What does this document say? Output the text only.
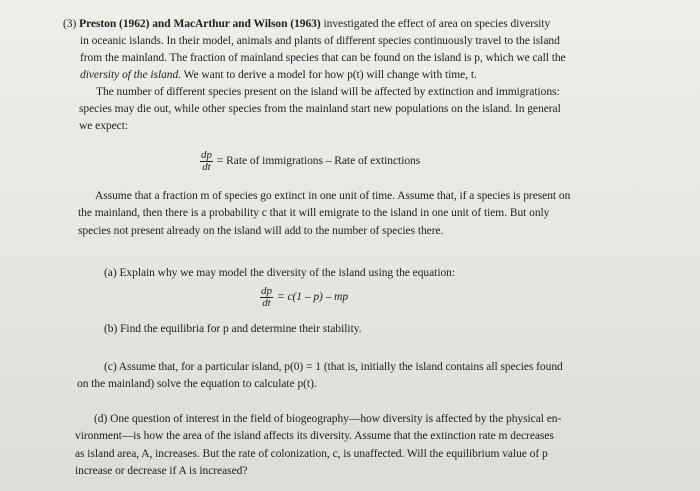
(3) Preston (1962) and MacArthur and Wilson (1963) investigated the effect of area on species diversity
in oceanic islands. In their model, animals and plants of different species continuously travel to the island
from the mainland. The fraction of mainland species that can be found on the island is p, which we call the
diversity of the island. We want to derive a model for how p(t) will change with time, t.
The number of different species present on the island will be affected by extinction and immigrations:
species may die out, while other species from the mainland start new populations on the island. In general
we expect:
$\frac{dp}{dt}$ = Rate of immigrations – Rate of extinctions
Assume that a fraction m of species go extinct in one unit of time. Assume that, if a species is present on
the mainland, then there is a probability c that it will emigrate to the island in one unit of tiem. But only
species not present already on the island will add to the number of species there.
(a) Explain why we may model the diversity of the island using the equation:
$\frac{dp}{dt} = c(1 - p)$ – mp
(b) Find the equilibria for p and determine their stability.
(c) Assume that, for a particular island, p(0) = 1 (that is, initially the island contains all species found
on the mainland) solve the equation to calculate p(t).
(d) One question of interest in the field of biogeography—how diversity is affected by the physical en-
vironment—is how the area of the island affects its diversity. Assume that the extinction rate m decreases
as island area, A, increases. But the rate of colonization, c, is unaffected. Will the equilibrium value of p
increase or decrease if A is increased?
